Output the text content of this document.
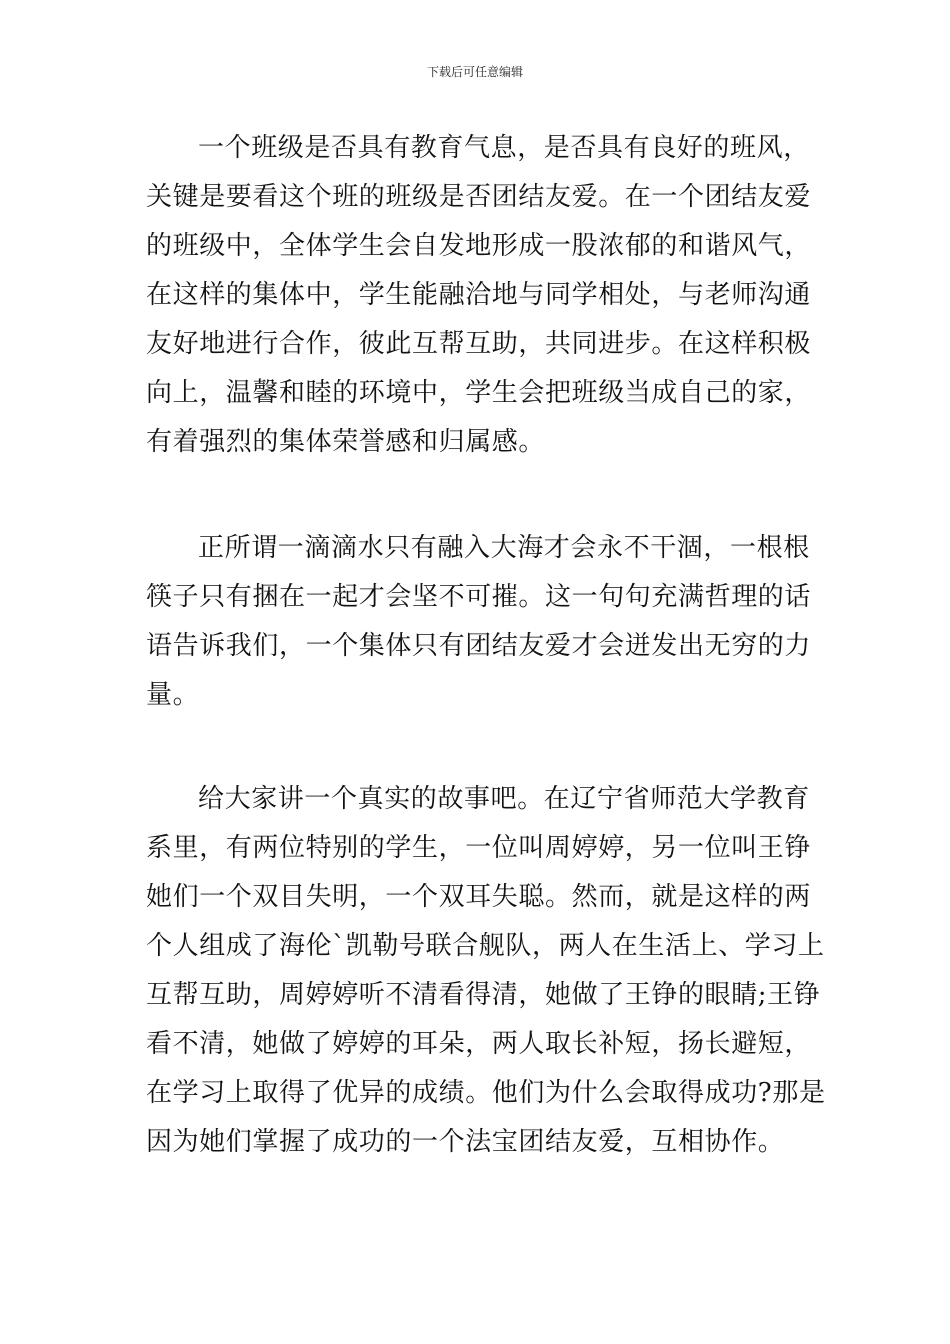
下载后可任意编辑

一个班级是否具有教育气息，是否具有良好的班风，
关键是要看这个班的班级是否团结友爱。在一个团结友爱
的班级中，全体学生会自发地形成一股浓郁的和谐风气，
在这样的集体中，学生能融洽地与同学相处，与老师沟通
友好地进行合作，彼此互帮互助，共同进步。在这样积极
向上，温馨和睦的环境中，学生会把班级当成自己的家，
有着强烈的集体荣誉感和归属感。

正所谓一滴滴水只有融入大海才会永不干涸，一根根
筷子只有捆在一起才会坚不可摧。这一句句充满哲理的话
语告诉我们，一个集体只有团结友爱才会迸发出无穷的力
量。

给大家讲一个真实的故事吧。在辽宁省师范大学教育
系里，有两位特别的学生，一位叫周婷婷，另一位叫王铮
她们一个双目失明，一个双耳失聪。然而，就是这样的两
个人组成了海伦`凯勒号联合舰队，两人在生活上、学习上
互帮互助，周婷婷听不清看得清，她做了王铮的眼睛;王铮
看不清，她做了婷婷的耳朵，两人取长补短，扬长避短，
在学习上取得了优异的成绩。他们为什么会取得成功?那是
因为她们掌握了成功的一个法宝团结友爱，互相协作。
